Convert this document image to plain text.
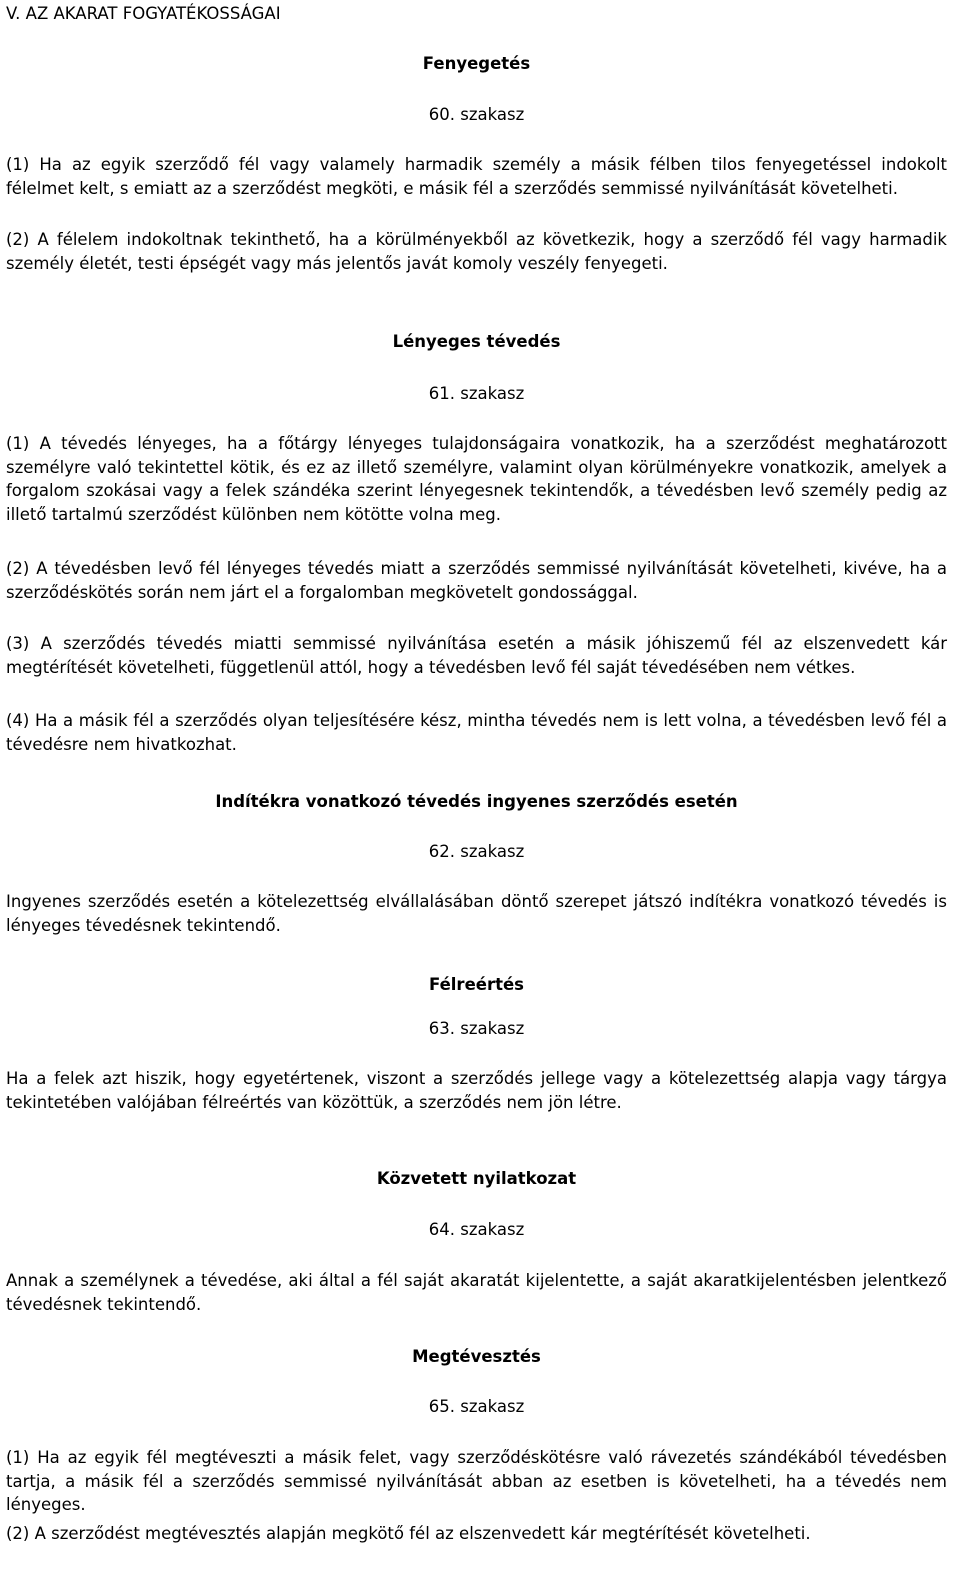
V. AZ AKARAT FOGYATÉKOSSÁGAI
Fenyegetés

60. szakasz

(1) Ha az egyik szerződő fél vagy valamely harmadik személy a másik félben tilos fenyegetéssel indokolt félelmet kelt, s emiatt az a szerződést megköti, e másik fél a szerződés semmissé nyilvánítását követelheti.

(2) A félelem indokoltnak tekinthető, ha a körülményekből az következik, hogy a szerződő fél vagy harmadik személy életét, testi épségét vagy más jelentős javát komoly veszély fenyegeti.

Lényeges tévedés

61. szakasz

(1) A tévedés lényeges, ha a főtárgy lényeges tulajdonságaira vonatkozik, ha a szerződést meghatározott személyre való tekintettel kötik, és ez az illető személyre, valamint olyan körülményekre vonatkozik, amelyek a forgalom szokásai vagy a felek szándéka szerint lényegesnek tekintendők, a tévedésben levő személy pedig az illető tartalmú szerződést különben nem kötötte volna meg.

(2) A tévedésben levő fél lényeges tévedés miatt a szerződés semmissé nyilvánítását követelheti, kivéve, ha a szerződéskötés során nem járt el a forgalomban megkövetelt gondossággal.

(3) A szerződés tévedés miatti semmissé nyilvánítása esetén a másik jóhiszemű fél az elszenvedett kár megtérítését követelheti, függetlenül attól, hogy a tévedésben levő fél saját tévedésében nem vétkes.

(4) Ha a másik fél a szerződés olyan teljesítésére kész, mintha tévedés nem is lett volna, a tévedésben levő fél a tévedésre nem hivatkozhat.

Indítékra vonatkozó tévedés ingyenes szerződés esetén

62. szakasz

Ingyenes szerződés esetén a kötelezettség elvállalásában döntő szerepet játszó indítékra vonatkozó tévedés is lényeges tévedésnek tekintendő.

Félreértés

63. szakasz

Ha a felek azt hiszik, hogy egyetértenek, viszont a szerződés jellege vagy a kötelezettség alapja vagy tárgya tekintetében valójában félreértés van közöttük, a szerződés nem jön létre.

Közvetett nyilatkozat

64. szakasz

Annak a személynek a tévedése, aki által a fél saját akaratát kijelentette, a saját akaratkijelentésben jelentkező tévedésnek tekintendő.

Megtévesztés

65. szakasz

(1) Ha az egyik fél megtéveszti a másik felet, vagy szerződéskötésre való rávezetés szándékából tévedésben tartja, a másik fél a szerződés semmissé nyilvánítását abban az esetben is követelheti, ha a tévedés nem lényeges.

(2) A szerződést megtévesztés alapján megkötő fél az elszenvedett kár megtérítését követelheti.
